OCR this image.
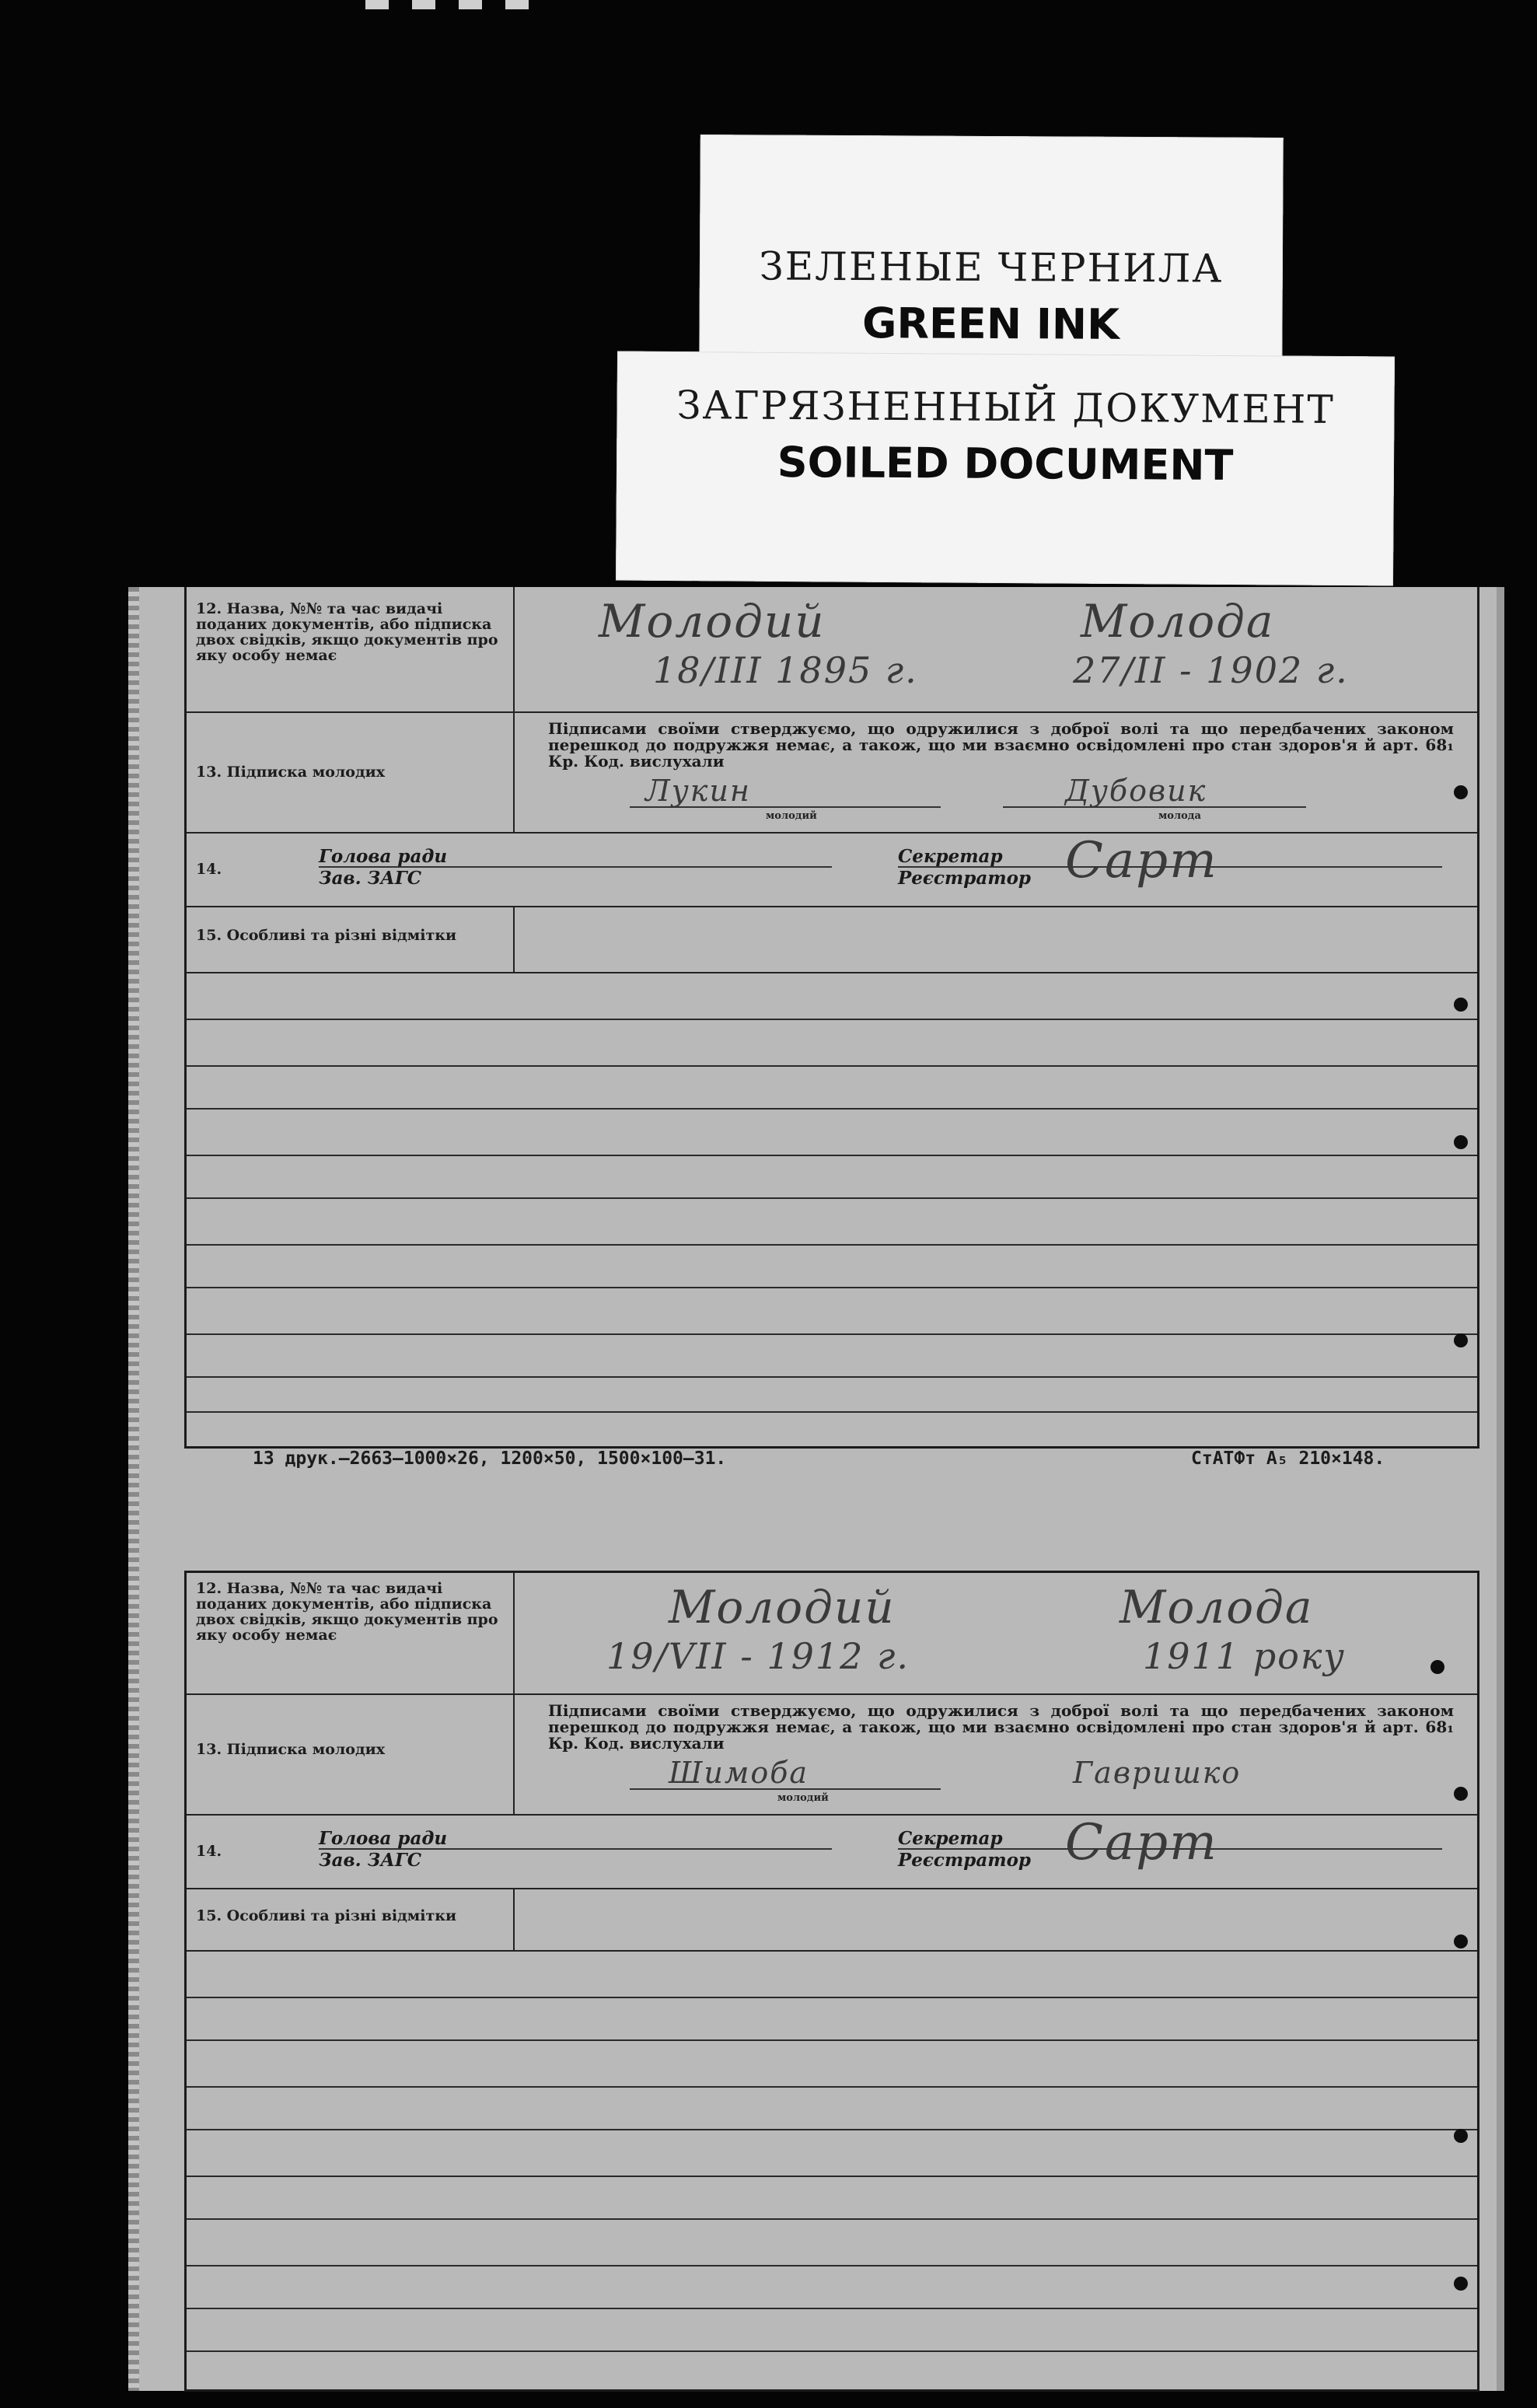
ЗЕЛЕНЫЕ ЧЕРНИЛА
GREEN INK
ЗАГРЯЗНЕННЫЙ ДОКУМЕНТ
SOILED DOCUMENT
12. Назва, №№ та час видачі поданих документів, або підписка двох свідків, якщо документів про яку особу немає
Молодий
18/III 1895 г.
Молода
27/II - 1902 г.
13. Підписка молодих
Підписами своїми стверджуємо, що одружилися з доброї волі та що передбачених законом перешкод до подружжя немає, а також, що ми взаємно освідомлені про стан здоров'я й арт. 68₁ Кр. Код. вислухали
Лукин
молодий
Дубовик
молода
14.
Голова ради
Зав. ЗАГС
Секретар
Реєстратор Сарт
15. Особливі та різні відмітки
13 друк.—2663—1000×26, 1200×50, 1500×100—31.	СтАТФт А₅ 210×148.
12. Назва, №№ та час видачі поданих документів, або підписка двох свідків, якщо документів про яку особу немає
Молодий
19/VII - 1912 г.
Молода
1911 року
13. Підписка молодих
Підписами своїми стверджуємо, що одружилися з доброї волі та що передбачених законом перешкод до подружжя немає, а також, що ми взаємно освідомлені про стан здоров'я й арт. 68₁ Кр. Код. вислухали
Шимоба
молодий
Гавришко
14.
Голова ради
Зав. ЗАГС
Секретар
Реєстратор Сарт
15. Особливі та різні відмітки
